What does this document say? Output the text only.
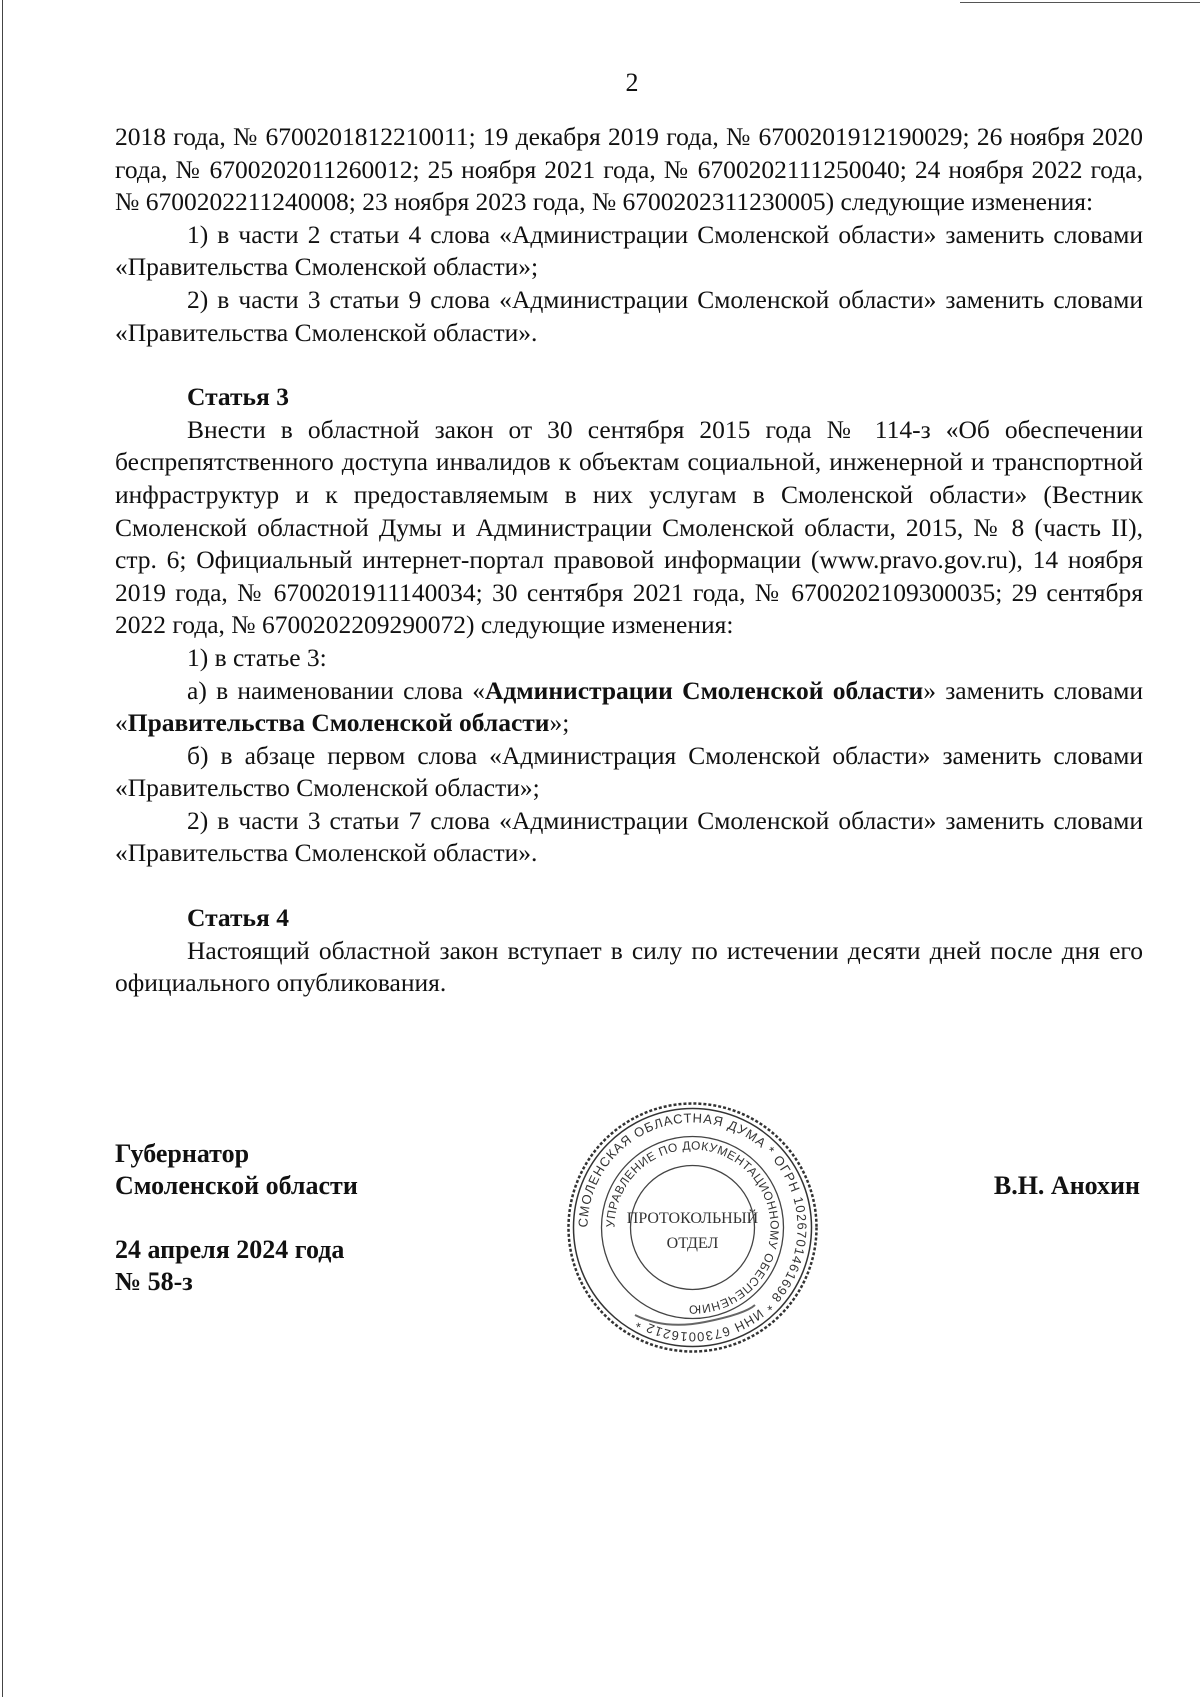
2

2018 года, № 6700201812210011; 19 декабря 2019 года, № 6700201912190029; 26 ноября 2020 года, № 6700202011260012; 25 ноября 2021 года, № 6700202111250040; 24 ноября 2022 года, № 6700202211240008; 23 ноября 2023 года, № 6700202311230005) следующие изменения:

1) в части 2 статьи 4 слова «Администрации Смоленской области» заменить словами «Правительства Смоленской области»;

2) в части 3 статьи 9 слова «Администрации Смоленской области» заменить словами «Правительства Смоленской области».

Статья 3

Внести в областной закон от 30 сентября 2015 года № 114-з «Об обеспечении беспрепятственного доступа инвалидов к объектам социальной, инженерной и транспортной инфраструктур и к предоставляемым в них услугам в Смоленской области» (Вестник Смоленской областной Думы и Администрации Смоленской области, 2015, № 8 (часть II), стр. 6; Официальный интернет-портал правовой информации (www.pravo.gov.ru), 14 ноября 2019 года, № 6700201911140034; 30 сентября 2021 года, № 6700202109300035; 29 сентября 2022 года, № 6700202209290072) следующие изменения:

1) в статье 3:

а) в наименовании слова «Администрации Смоленской области» заменить словами «Правительства Смоленской области»;

б) в абзаце первом слова «Администрация Смоленской области» заменить словами «Правительство Смоленской области»;

2) в части 3 статьи 7 слова «Администрации Смоленской области» заменить словами «Правительства Смоленской области».

Статья 4

Настоящий областной закон вступает в силу по истечении десяти дней после дня его официального опубликования.

Губернатор
Смоленской области	В.Н. Анохин
24 апреля 2024 года
№ 58-з
СМОЛЕНСКАЯ ОБЛАСТНАЯ ДУМА * ОГРН 1026701461698 * ИНН 6730016212 *
УПРАВЛЕНИЕ ПО ДОКУМЕНТАЦИОННОМУ ОБЕСПЕЧЕНИЮ
ПРОТОКОЛЬНЫЙ
ОТДЕЛ
